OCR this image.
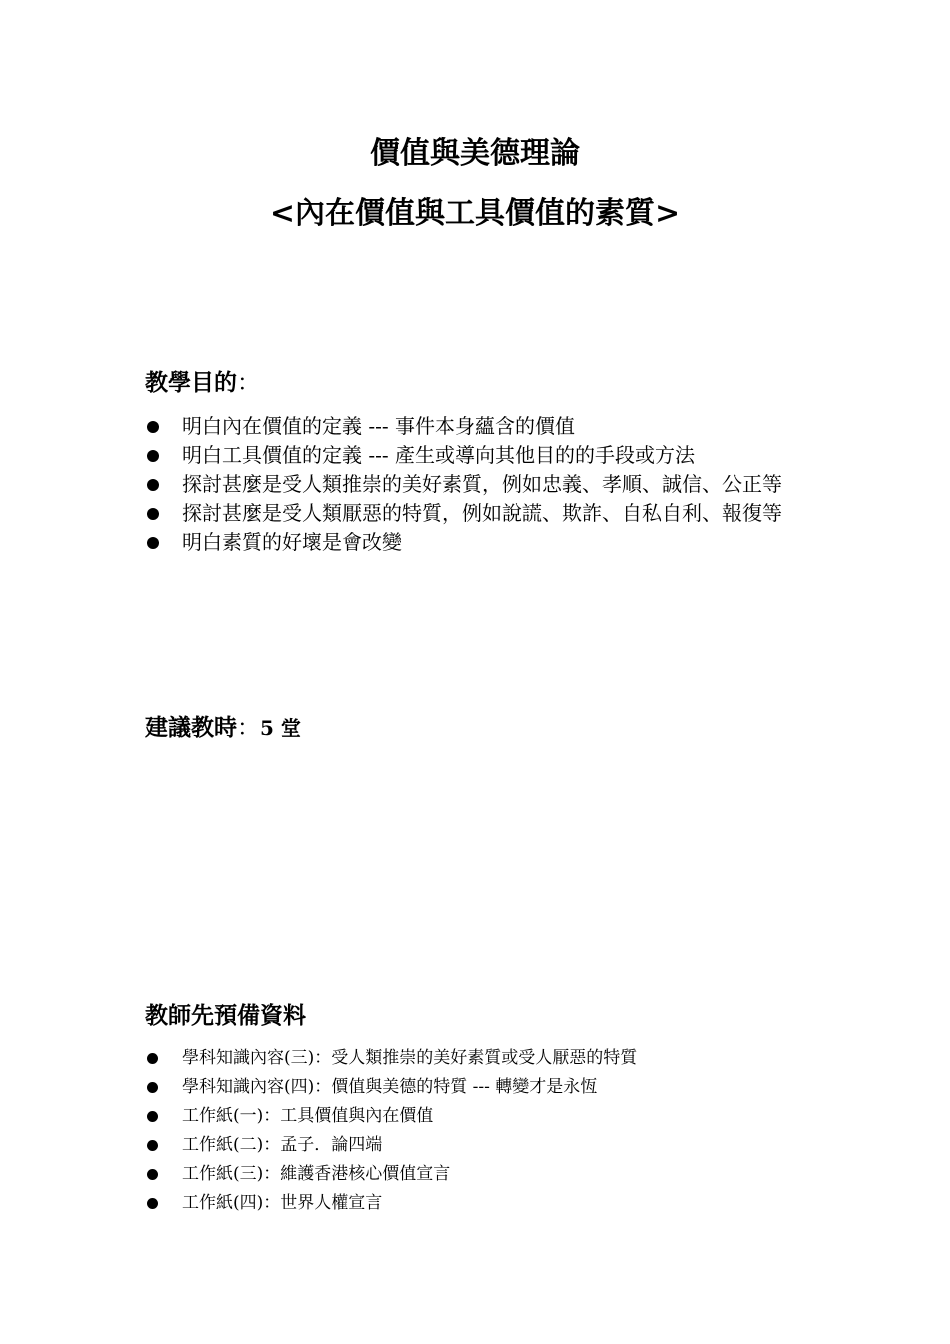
價值與美德理論
<內在價值與工具價值的素質>
教學目的：
明白內在價值的定義 --- 事件本身蘊含的價值
明白工具價值的定義 --- 產生或導向其他目的的手段或方法
探討甚麼是受人類推崇的美好素質，例如忠義、孝順、誠信、公正等
探討甚麼是受人類厭惡的特質，例如說謊、欺詐、自私自利、報復等
明白素質的好壞是會改變
建議教時：5 堂
教師先預備資料
學科知識內容(三)：受人類推崇的美好素質或受人厭惡的特質
學科知識內容(四)：價值與美德的特質 --- 轉變才是永恆
工作紙(一)：工具價值與內在價值
工作紙(二)：孟子．論四端
工作紙(三)：維護香港核心價值宣言
工作紙(四)：世界人權宣言
